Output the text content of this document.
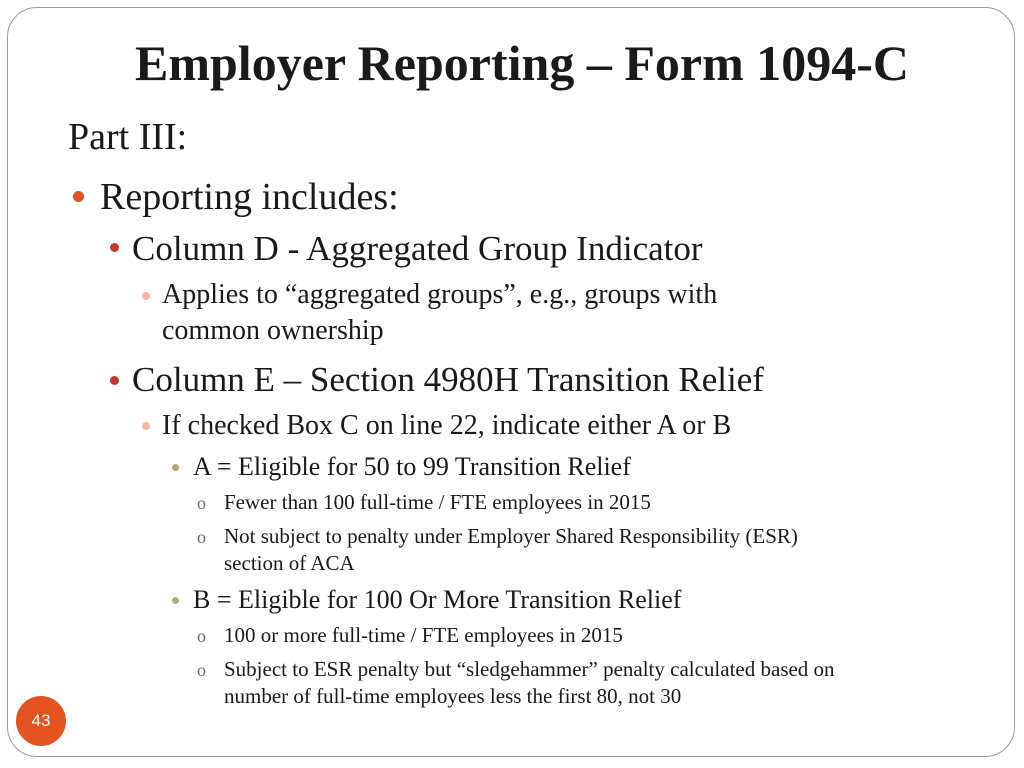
Employer Reporting – Form 1094-C
Part III:
Reporting includes:
Column D - Aggregated Group Indicator
Applies to “aggregated groups”, e.g., groups with
common ownership
Column E – Section 4980H Transition Relief
If checked Box C on line 22, indicate either A or B
A = Eligible for 50 to 99 Transition Relief
o Fewer than 100 full-time / FTE employees in 2015
o Not subject to penalty under Employer Shared Responsibility (ESR)
section of ACA
B = Eligible for 100 Or More Transition Relief
o 100 or more full-time / FTE employees in 2015
o Subject to ESR penalty but “sledgehammer” penalty calculated based on
number of full-time employees less the first 80, not 30
43
